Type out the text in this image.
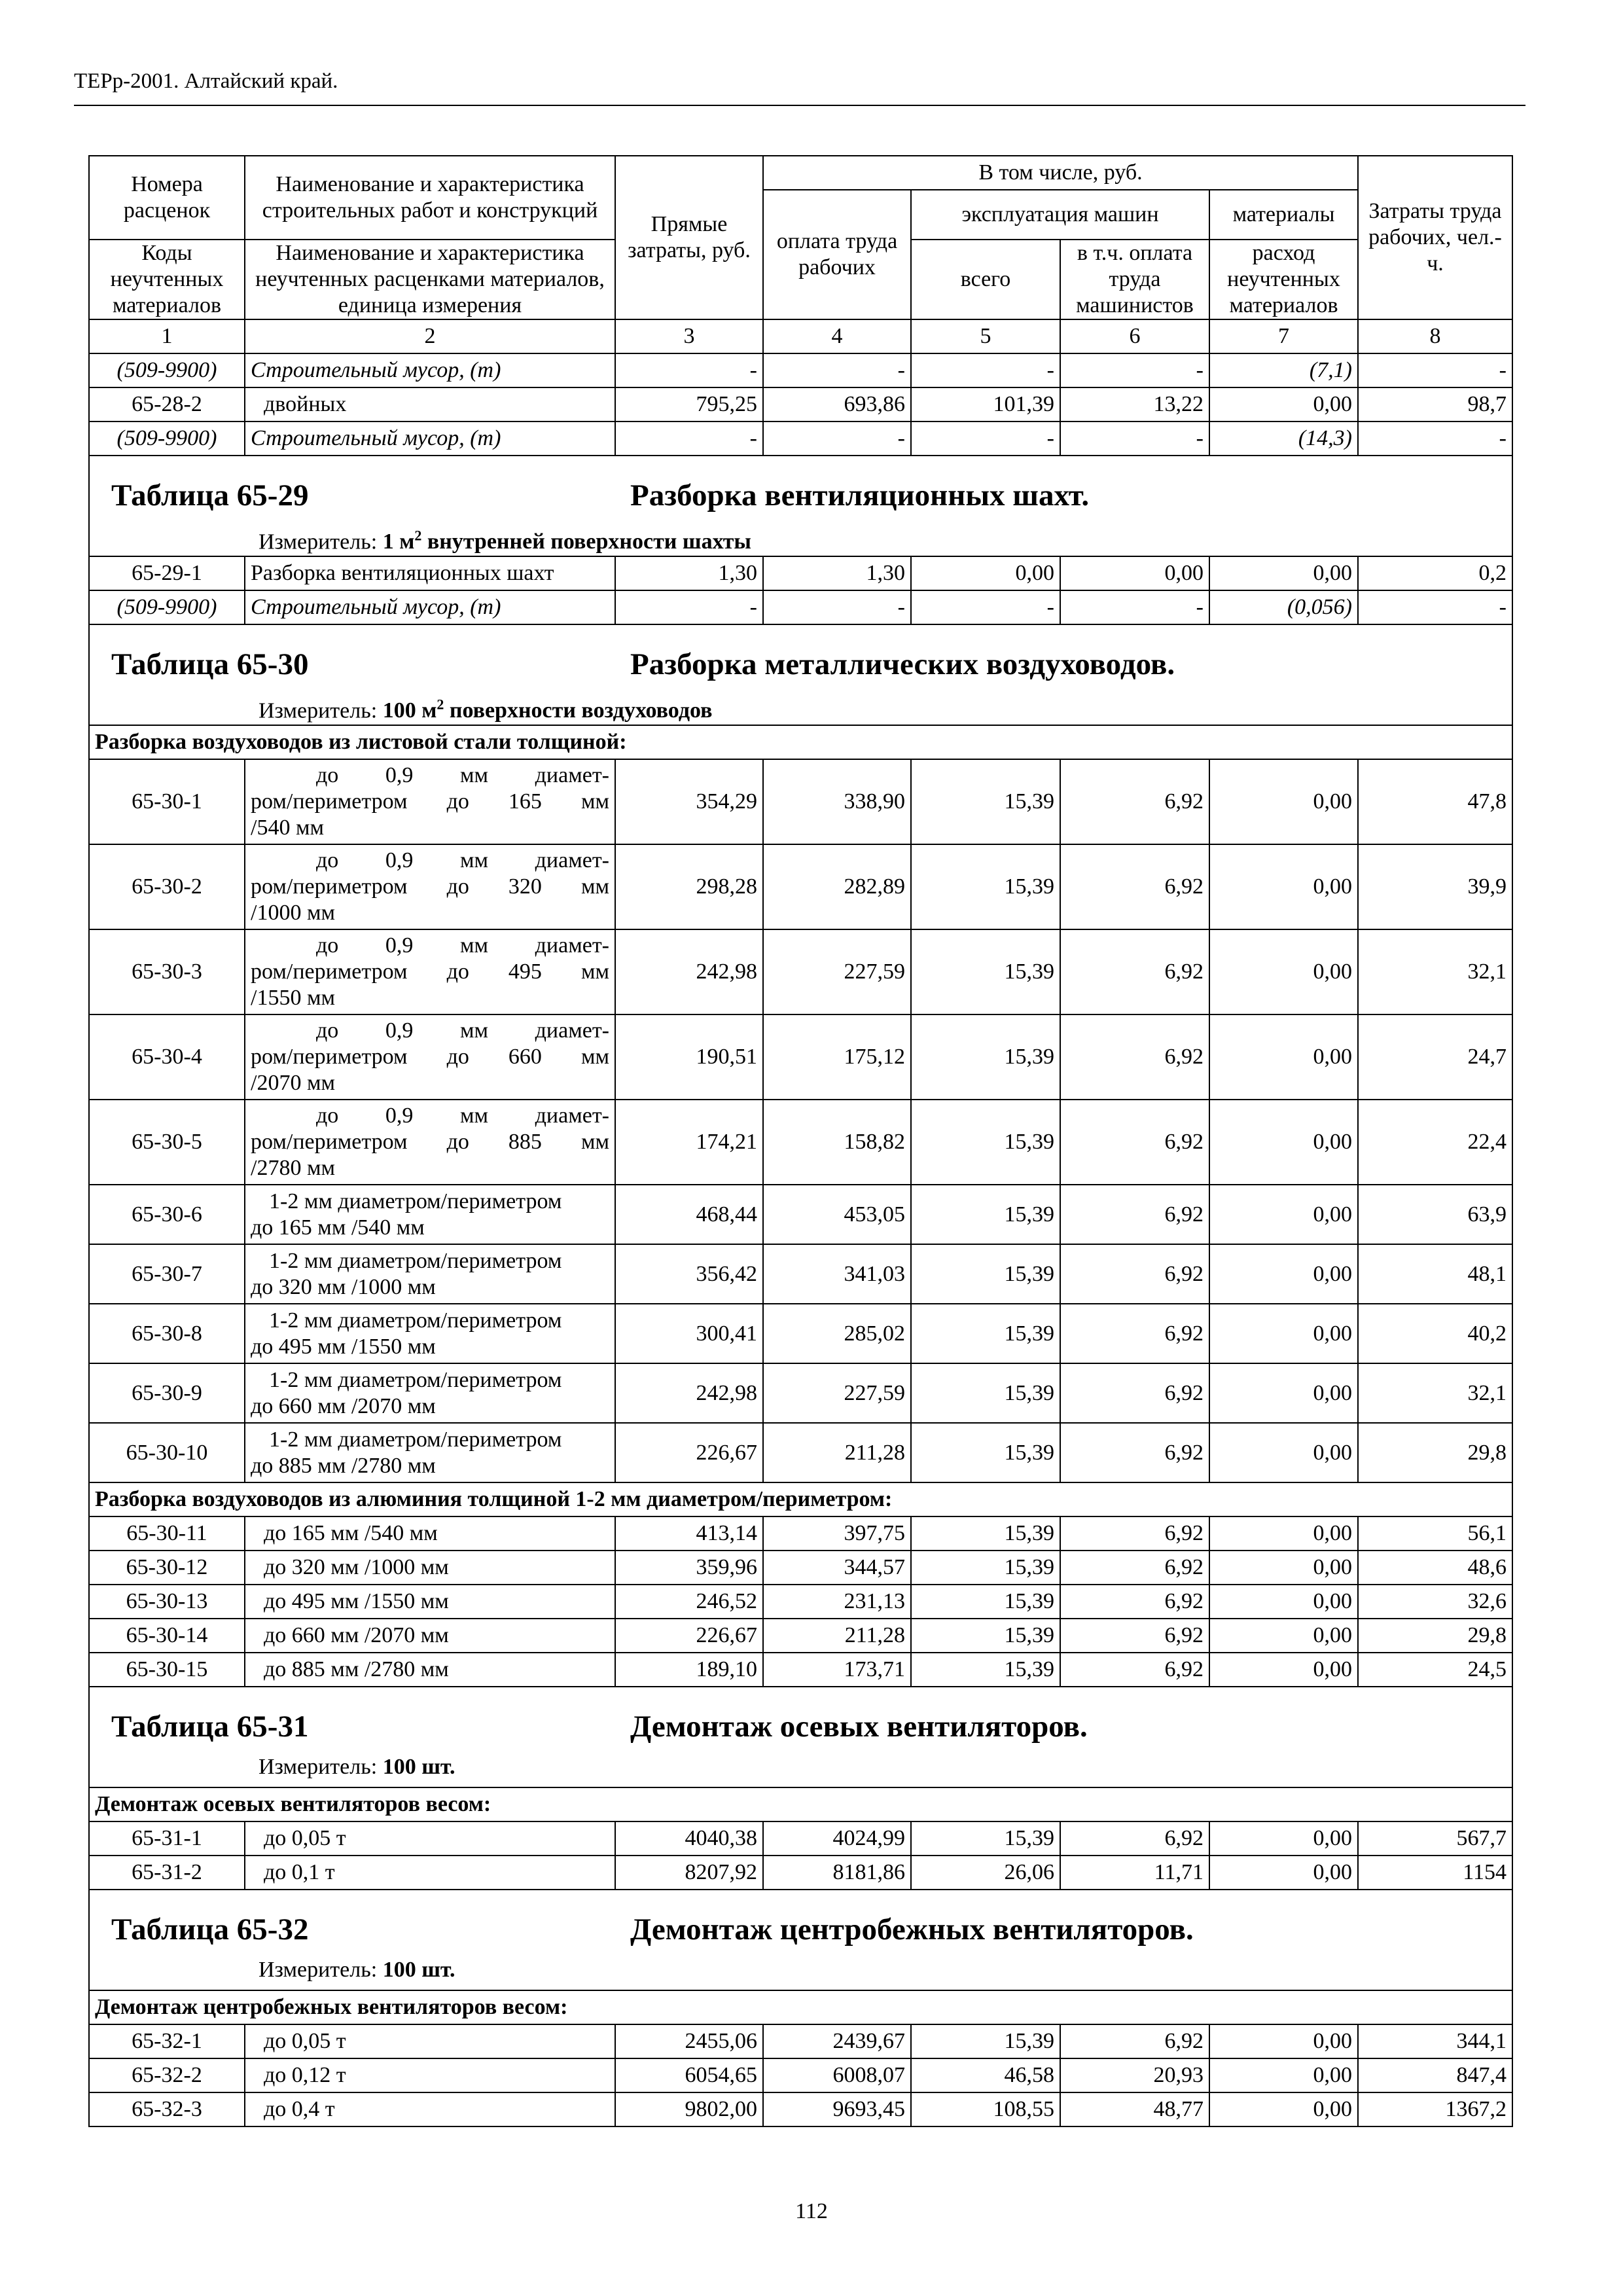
ТЕРр-2001. Алтайский край.
Номера расценок	Наименование и характеристика строительных работ и конструкций	Прямые затраты, руб.	В том числе, руб.				Затраты труда рабочих, чел.-ч.
			оплата труда рабочих	эксплуатация машин		материалы	
Коды неучтенных материалов	Наименование и характеристика неучтенных расценками материалов, единица измерения			всего	в т.ч. оплата труда машинистов	расход неучтенных материалов	
1	2	3	4	5	6	7	8
(509-9900)	Строительный мусор, (т)	-	-	-	-	(7,1)	-
65-28-2	двойных	795,25	693,86	101,39	13,22	0,00	98,7
(509-9900)	Строительный мусор, (т)	-	-	-	-	(14,3)	-

Таблица 65-29 Разборка вентиляционных шахт.
Измеритель: 1 $м^2$ внутренней поверхности шахты							

65-29-1	Разборка вентиляционных шахт	1,30	1,30	0,00	0,00	0,00	0,2
(509-9900)	Строительный мусор, (т)	-	-	-	-	(0,056)	-

Таблица 65-30 Разборка металлических воздуховодов.
Измеритель: 100 $м^2$ поверхности воздуховодов							

Разборка воздуховодов из листовой стали толщиной:							
65-30-1	до 0,9 мм диамет-
ром/периметром до 165 мм
/540 мм	354,29	338,90	15,39	6,92	0,00	47,8
65-30-2	до 0,9 мм диамет-
ром/периметром до 320 мм
/1000 мм	298,28	282,89	15,39	6,92	0,00	39,9
65-30-3	до 0,9 мм диамет-
ром/периметром до 495 мм
/1550 мм	242,98	227,59	15,39	6,92	0,00	32,1
65-30-4	до 0,9 мм диамет-
ром/периметром до 660 мм
/2070 мм	190,51	175,12	15,39	6,92	0,00	24,7
65-30-5	до 0,9 мм диамет-
ром/периметром до 885 мм
/2780 мм	174,21	158,82	15,39	6,92	0,00	22,4
65-30-6	1-2 мм диаметром/периметром
до 165 мм /540 мм	468,44	453,05	15,39	6,92	0,00	63,9
65-30-7	1-2 мм диаметром/периметром
до 320 мм /1000 мм	356,42	341,03	15,39	6,92	0,00	48,1
65-30-8	1-2 мм диаметром/периметром
до 495 мм /1550 мм	300,41	285,02	15,39	6,92	0,00	40,2
65-30-9	1-2 мм диаметром/периметром
до 660 мм /2070 мм	242,98	227,59	15,39	6,92	0,00	32,1
65-30-10	1-2 мм диаметром/периметром
до 885 мм /2780 мм	226,67	211,28	15,39	6,92	0,00	29,8
Разборка воздуховодов из алюминия толщиной 1-2 мм диаметром/периметром:							
65-30-11	до 165 мм /540 мм	413,14	397,75	15,39	6,92	0,00	56,1
65-30-12	до 320 мм /1000 мм	359,96	344,57	15,39	6,92	0,00	48,6
65-30-13	до 495 мм /1550 мм	246,52	231,13	15,39	6,92	0,00	32,6
65-30-14	до 660 мм /2070 мм	226,67	211,28	15,39	6,92	0,00	29,8
65-30-15	до 885 мм /2780 мм	189,10	173,71	15,39	6,92	0,00	24,5

Таблица 65-31 Демонтаж осевых вентиляторов.
Измеритель: 100 шт.							

Демонтаж осевых вентиляторов весом:							
65-31-1	до 0,05 т	4040,38	4024,99	15,39	6,92	0,00	567,7
65-31-2	до 0,1 т	8207,92	8181,86	26,06	11,71	0,00	1154

Таблица 65-32 Демонтаж центробежных вентиляторов.
Измеритель: 100 шт.							

Демонтаж центробежных вентиляторов весом:							
65-32-1	до 0,05 т	2455,06	2439,67	15,39	6,92	0,00	344,1
65-32-2	до 0,12 т	6054,65	6008,07	46,58	20,93	0,00	847,4
65-32-3	до 0,4 т	9802,00	9693,45	108,55	48,77	0,00	1367,2
112
